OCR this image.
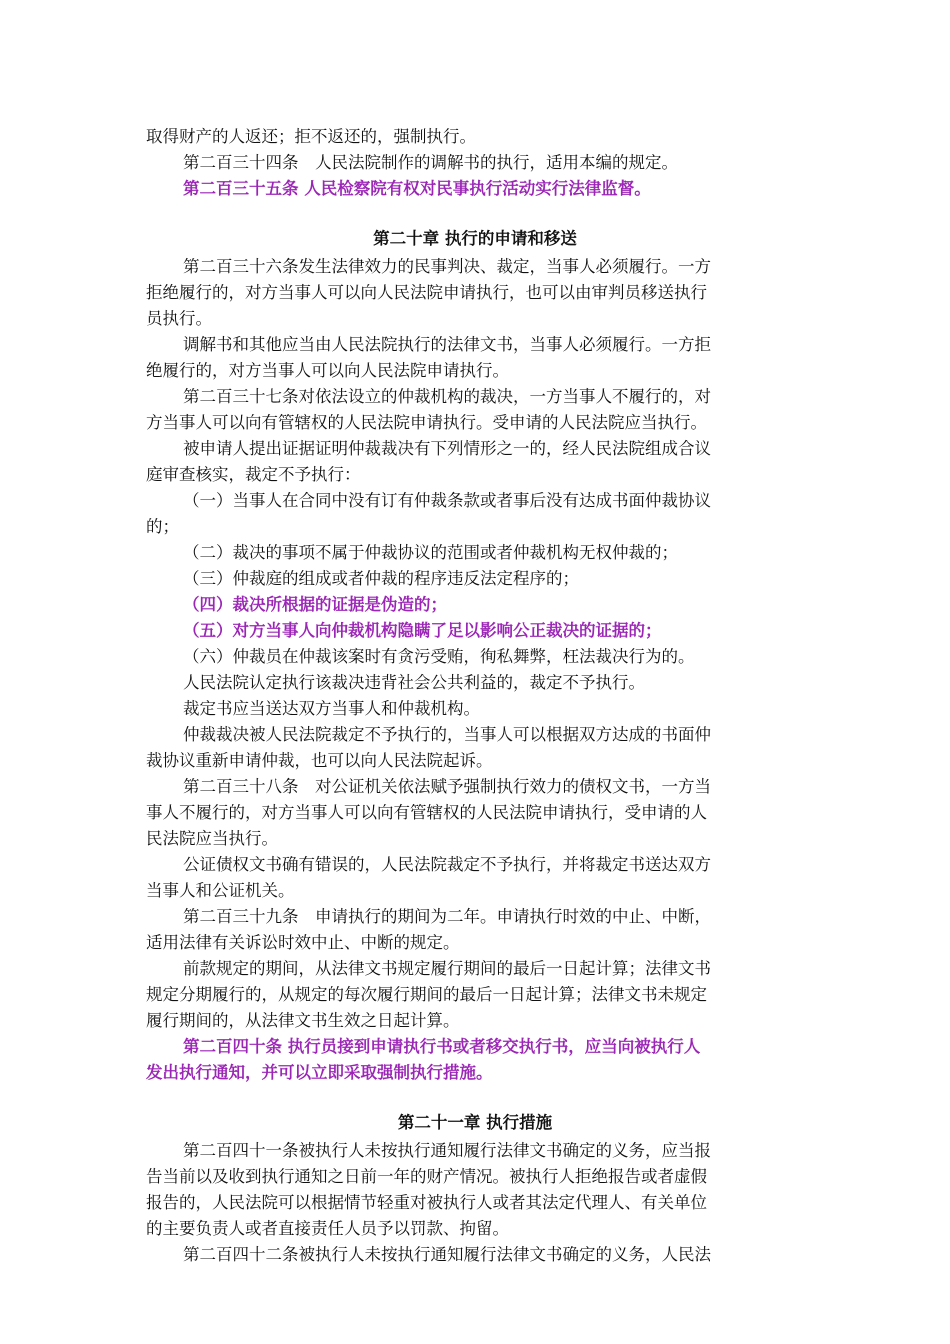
取得财产的人返还；拒不返还的，强制执行。
第二百三十四条　人民法院制作的调解书的执行，适用本编的规定。
第二百三十五条 人民检察院有权对民事执行活动实行法律监督。
第二十章 执行的申请和移送
第二百三十六条发生法律效力的民事判决、裁定，当事人必须履行。一方
拒绝履行的，对方当事人可以向人民法院申请执行，也可以由审判员移送执行
员执行。
调解书和其他应当由人民法院执行的法律文书，当事人必须履行。一方拒
绝履行的，对方当事人可以向人民法院申请执行。
第二百三十七条对依法设立的仲裁机构的裁决，一方当事人不履行的，对
方当事人可以向有管辖权的人民法院申请执行。受申请的人民法院应当执行。
被申请人提出证据证明仲裁裁决有下列情形之一的，经人民法院组成合议
庭审查核实，裁定不予执行：
（一）当事人在合同中没有订有仲裁条款或者事后没有达成书面仲裁协议
的；
（二）裁决的事项不属于仲裁协议的范围或者仲裁机构无权仲裁的；
（三）仲裁庭的组成或者仲裁的程序违反法定程序的；
（四）裁决所根据的证据是伪造的；
（五）对方当事人向仲裁机构隐瞒了足以影响公正裁决的证据的；
（六）仲裁员在仲裁该案时有贪污受贿，徇私舞弊，枉法裁决行为的。
人民法院认定执行该裁决违背社会公共利益的，裁定不予执行。
裁定书应当送达双方当事人和仲裁机构。
仲裁裁决被人民法院裁定不予执行的，当事人可以根据双方达成的书面仲
裁协议重新申请仲裁，也可以向人民法院起诉。
第二百三十八条　对公证机关依法赋予强制执行效力的债权文书，一方当
事人不履行的，对方当事人可以向有管辖权的人民法院申请执行，受申请的人
民法院应当执行。
公证债权文书确有错误的，人民法院裁定不予执行，并将裁定书送达双方
当事人和公证机关。
第二百三十九条　申请执行的期间为二年。申请执行时效的中止、中断，
适用法律有关诉讼时效中止、中断的规定。
前款规定的期间，从法律文书规定履行期间的最后一日起计算；法律文书
规定分期履行的，从规定的每次履行期间的最后一日起计算；法律文书未规定
履行期间的，从法律文书生效之日起计算。
第二百四十条 执行员接到申请执行书或者移交执行书，应当向被执行人
发出执行通知，并可以立即采取强制执行措施。
第二十一章 执行措施
第二百四十一条被执行人未按执行通知履行法律文书确定的义务，应当报
告当前以及收到执行通知之日前一年的财产情况。被执行人拒绝报告或者虚假
报告的，人民法院可以根据情节轻重对被执行人或者其法定代理人、有关单位
的主要负责人或者直接责任人员予以罚款、拘留。
第二百四十二条被执行人未按执行通知履行法律文书确定的义务，人民法
